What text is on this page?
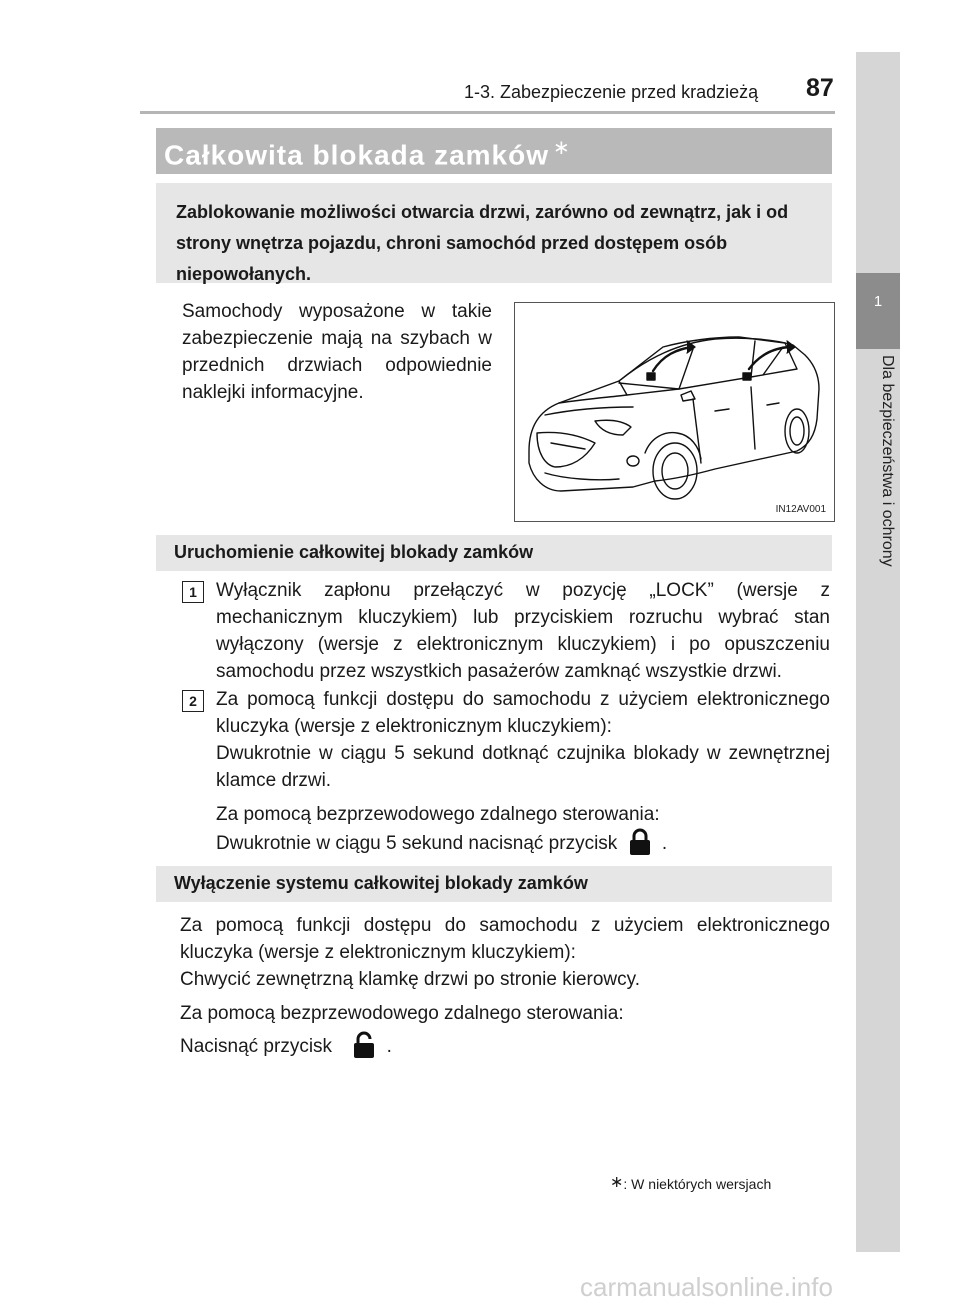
1-3. Zabezpieczenie przed kradzieżą 87
1
Dla bezpieczeństwa i ochrony
Całkowita blokada zamków ∗
Zablokowanie możliwości otwarcia drzwi, zarówno od zewnątrz, jak i od strony wnętrza pojazdu, chroni samochód przed dostępem osób niepowołanych.
Samochody wyposażone w takie zabezpieczenie mają na szybach w przednich drzwiach odpowiednie naklejki informacyjne.
IN12AV001
Uruchomienie całkowitej blokady zamków
1	Wyłącznik zapłonu przełączyć w pozycję „LOCK” (wersje z mechanicznym kluczykiem) lub przyciskiem rozruchu wybrać stan wyłączony (wersje z elektronicznym kluczykiem) i po opuszczeniu samochodu przez wszystkich pasażerów zamknąć wszystkie drzwi.
2	Za pomocą funkcji dostępu do samochodu z użyciem elektronicznego kluczyka (wersje z elektronicznym kluczykiem):
Dwukrotnie w ciągu 5 sekund dotknąć czujnika blokady w zewnętrznej klamce drzwi.
Za pomocą bezprzewodowego zdalnego sterowania:
Dwukrotnie w ciągu 5 sekund nacisnąć przycisk .
Wyłączenie systemu całkowitej blokady zamków
Za pomocą funkcji dostępu do samochodu z użyciem elektronicznego kluczyka (wersje z elektronicznym kluczykiem):
Chwycić zewnętrzną klamkę drzwi po stronie kierowcy.
Za pomocą bezprzewodowego zdalnego sterowania:
Nacisnąć przycisk	.
∗: W niektórych wersjach
carmanualsonline.info
